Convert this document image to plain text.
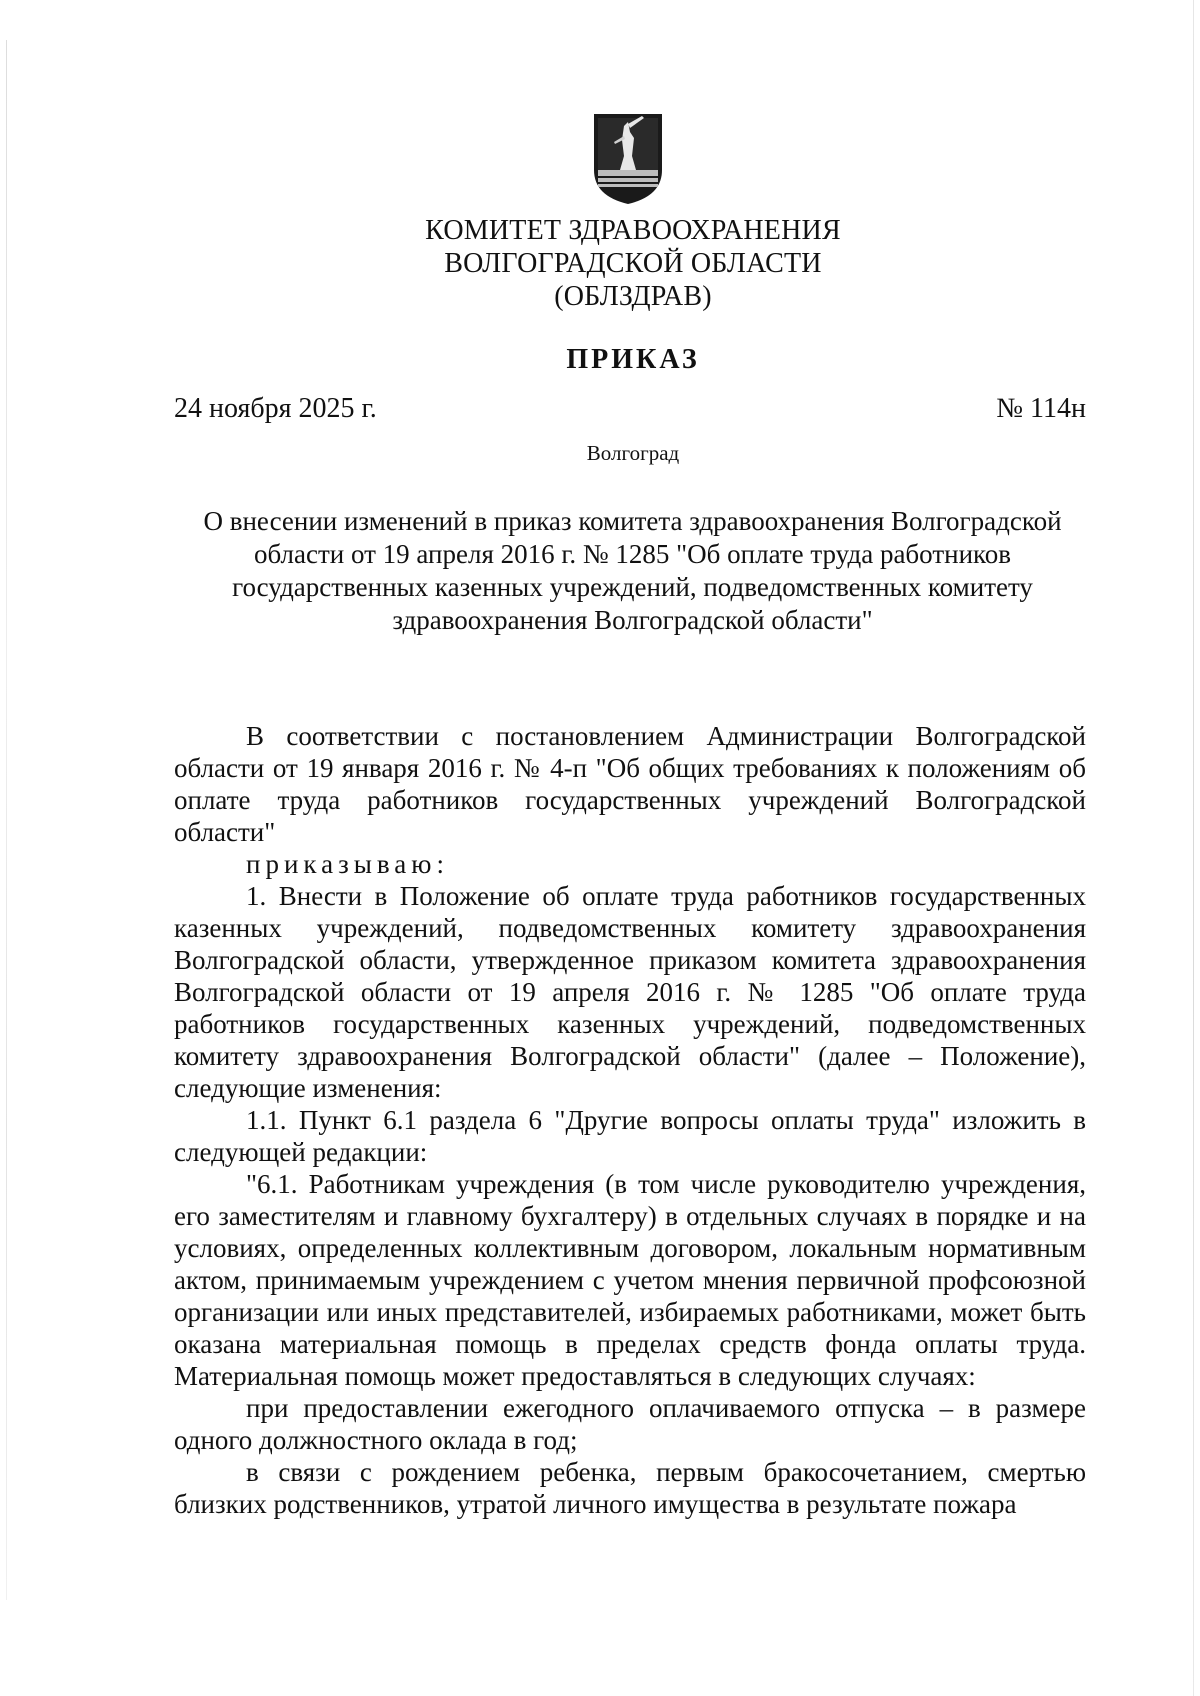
КОМИТЕТ ЗДРАВООХРАНЕНИЯ
ВОЛГОГРАДСКОЙ ОБЛАСТИ
(ОБЛЗДРАВ)
ПРИКАЗ
24 ноября 2025 г.	№ 114н
Волгоград
О внесении изменений в приказ комитета здравоохранения Волгоградской области от 19 апреля 2016 г. № 1285 "Об оплате труда работников государственных казенных учреждений, подведомственных комитету здравоохранения Волгоградской области"

В соответствии с постановлением Администрации Волгоградской области от 19 января 2016 г. № 4-п "Об общих требованиях к положениям об оплате труда работников государственных учреждений Волгоградской области"

приказываю:

1. Внести в Положение об оплате труда работников государственных казенных учреждений, подведомственных комитету здравоохранения Волгоградской области, утвержденное приказом комитета здравоохранения Волгоградской области от 19 апреля 2016 г. № 1285 "Об оплате труда работников государственных казенных учреждений, подведомственных комитету здравоохранения Волгоградской области" (далее – Положение), следующие изменения:

1.1. Пункт 6.1 раздела 6 "Другие вопросы оплаты труда" изложить в следующей редакции:

"6.1. Работникам учреждения (в том числе руководителю учреждения, его заместителям и главному бухгалтеру) в отдельных случаях в порядке и на условиях, определенных коллективным договором, локальным нормативным актом, принимаемым учреждением с учетом мнения первичной профсоюзной организации или иных представителей, избираемых работниками, может быть оказана материальная помощь в пределах средств фонда оплаты труда. Материальная помощь может предоставляться в следующих случаях:

при предоставлении ежегодного оплачиваемого отпуска – в размере одного должностного оклада в год;

в связи с рождением ребенка, первым бракосочетанием, смертью близких родственников, утратой личного имущества в результате пожара
